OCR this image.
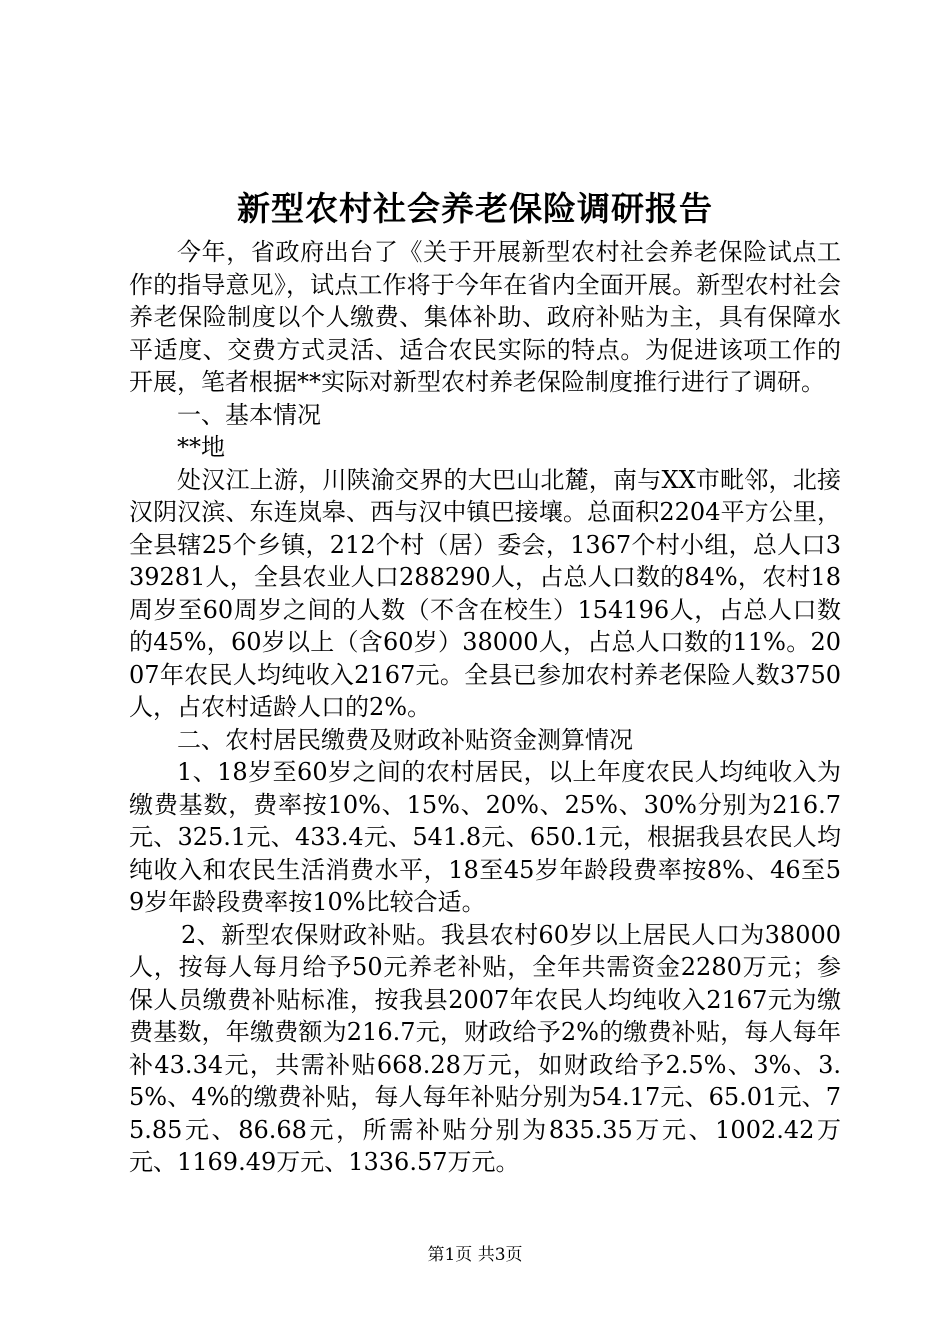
新型农村社会养老保险调研报告

今年，省政府出台了《关于开展新型农村社会养老保险试点工作的指导意见》，试点工作将于今年在省内全面开展。新型农村社会养老保险制度以个人缴费、集体补助、政府补贴为主，具有保障水平适度、交费方式灵活、适合农民实际的特点。为促进该项工作的开展，笔者根据**实际对新型农村养老保险制度推行进行了调研。

一、基本情况

**地

处汉江上游，川陕渝交界的大巴山北麓，南与XX市毗邻，北接汉阴汉滨、东连岚皋、西与汉中镇巴接壤。总面积2204平方公里，全县辖25个乡镇，212个村（居）委会，1367个村小组，总人口339281人，全县农业人口288290人，占总人口数的84%，农村18周岁至60周岁之间的人数（不含在校生）154196人，占总人口数的45%，60岁以上（含60岁）38000人，占总人口数的11%。2007年农民人均纯收入2167元。全县已参加农村养老保险人数3750人，占农村适龄人口的2%。

二、农村居民缴费及财政补贴资金测算情况

1、18岁至60岁之间的农村居民，以上年度农民人均纯收入为缴费基数，费率按10%、15%、20%、25%、30%分别为216.7元、325.1元、433.4元、541.8元、650.1元，根据我县农民人均纯收入和农民生活消费水平，18至45岁年龄段费率按8%、46至59岁年龄段费率按10%比较合适。

2、新型农保财政补贴。我县农村60岁以上居民人口为38000人，按每人每月给予50元养老补贴，全年共需资金2280万元；参保人员缴费补贴标准，按我县2007年农民人均纯收入2167元为缴费基数，年缴费额为216.7元，财政给予2%的缴费补贴，每人每年补43.34元，共需补贴668.28万元，如财政给予2.5%、3%、3.5%、4%的缴费补贴，每人每年补贴分别为54.17元、65.01元、75.85元、86.68元，所需补贴分别为835.35万元、1002.42万元、1169.49万元、1336.57万元。

第1页 共3页
